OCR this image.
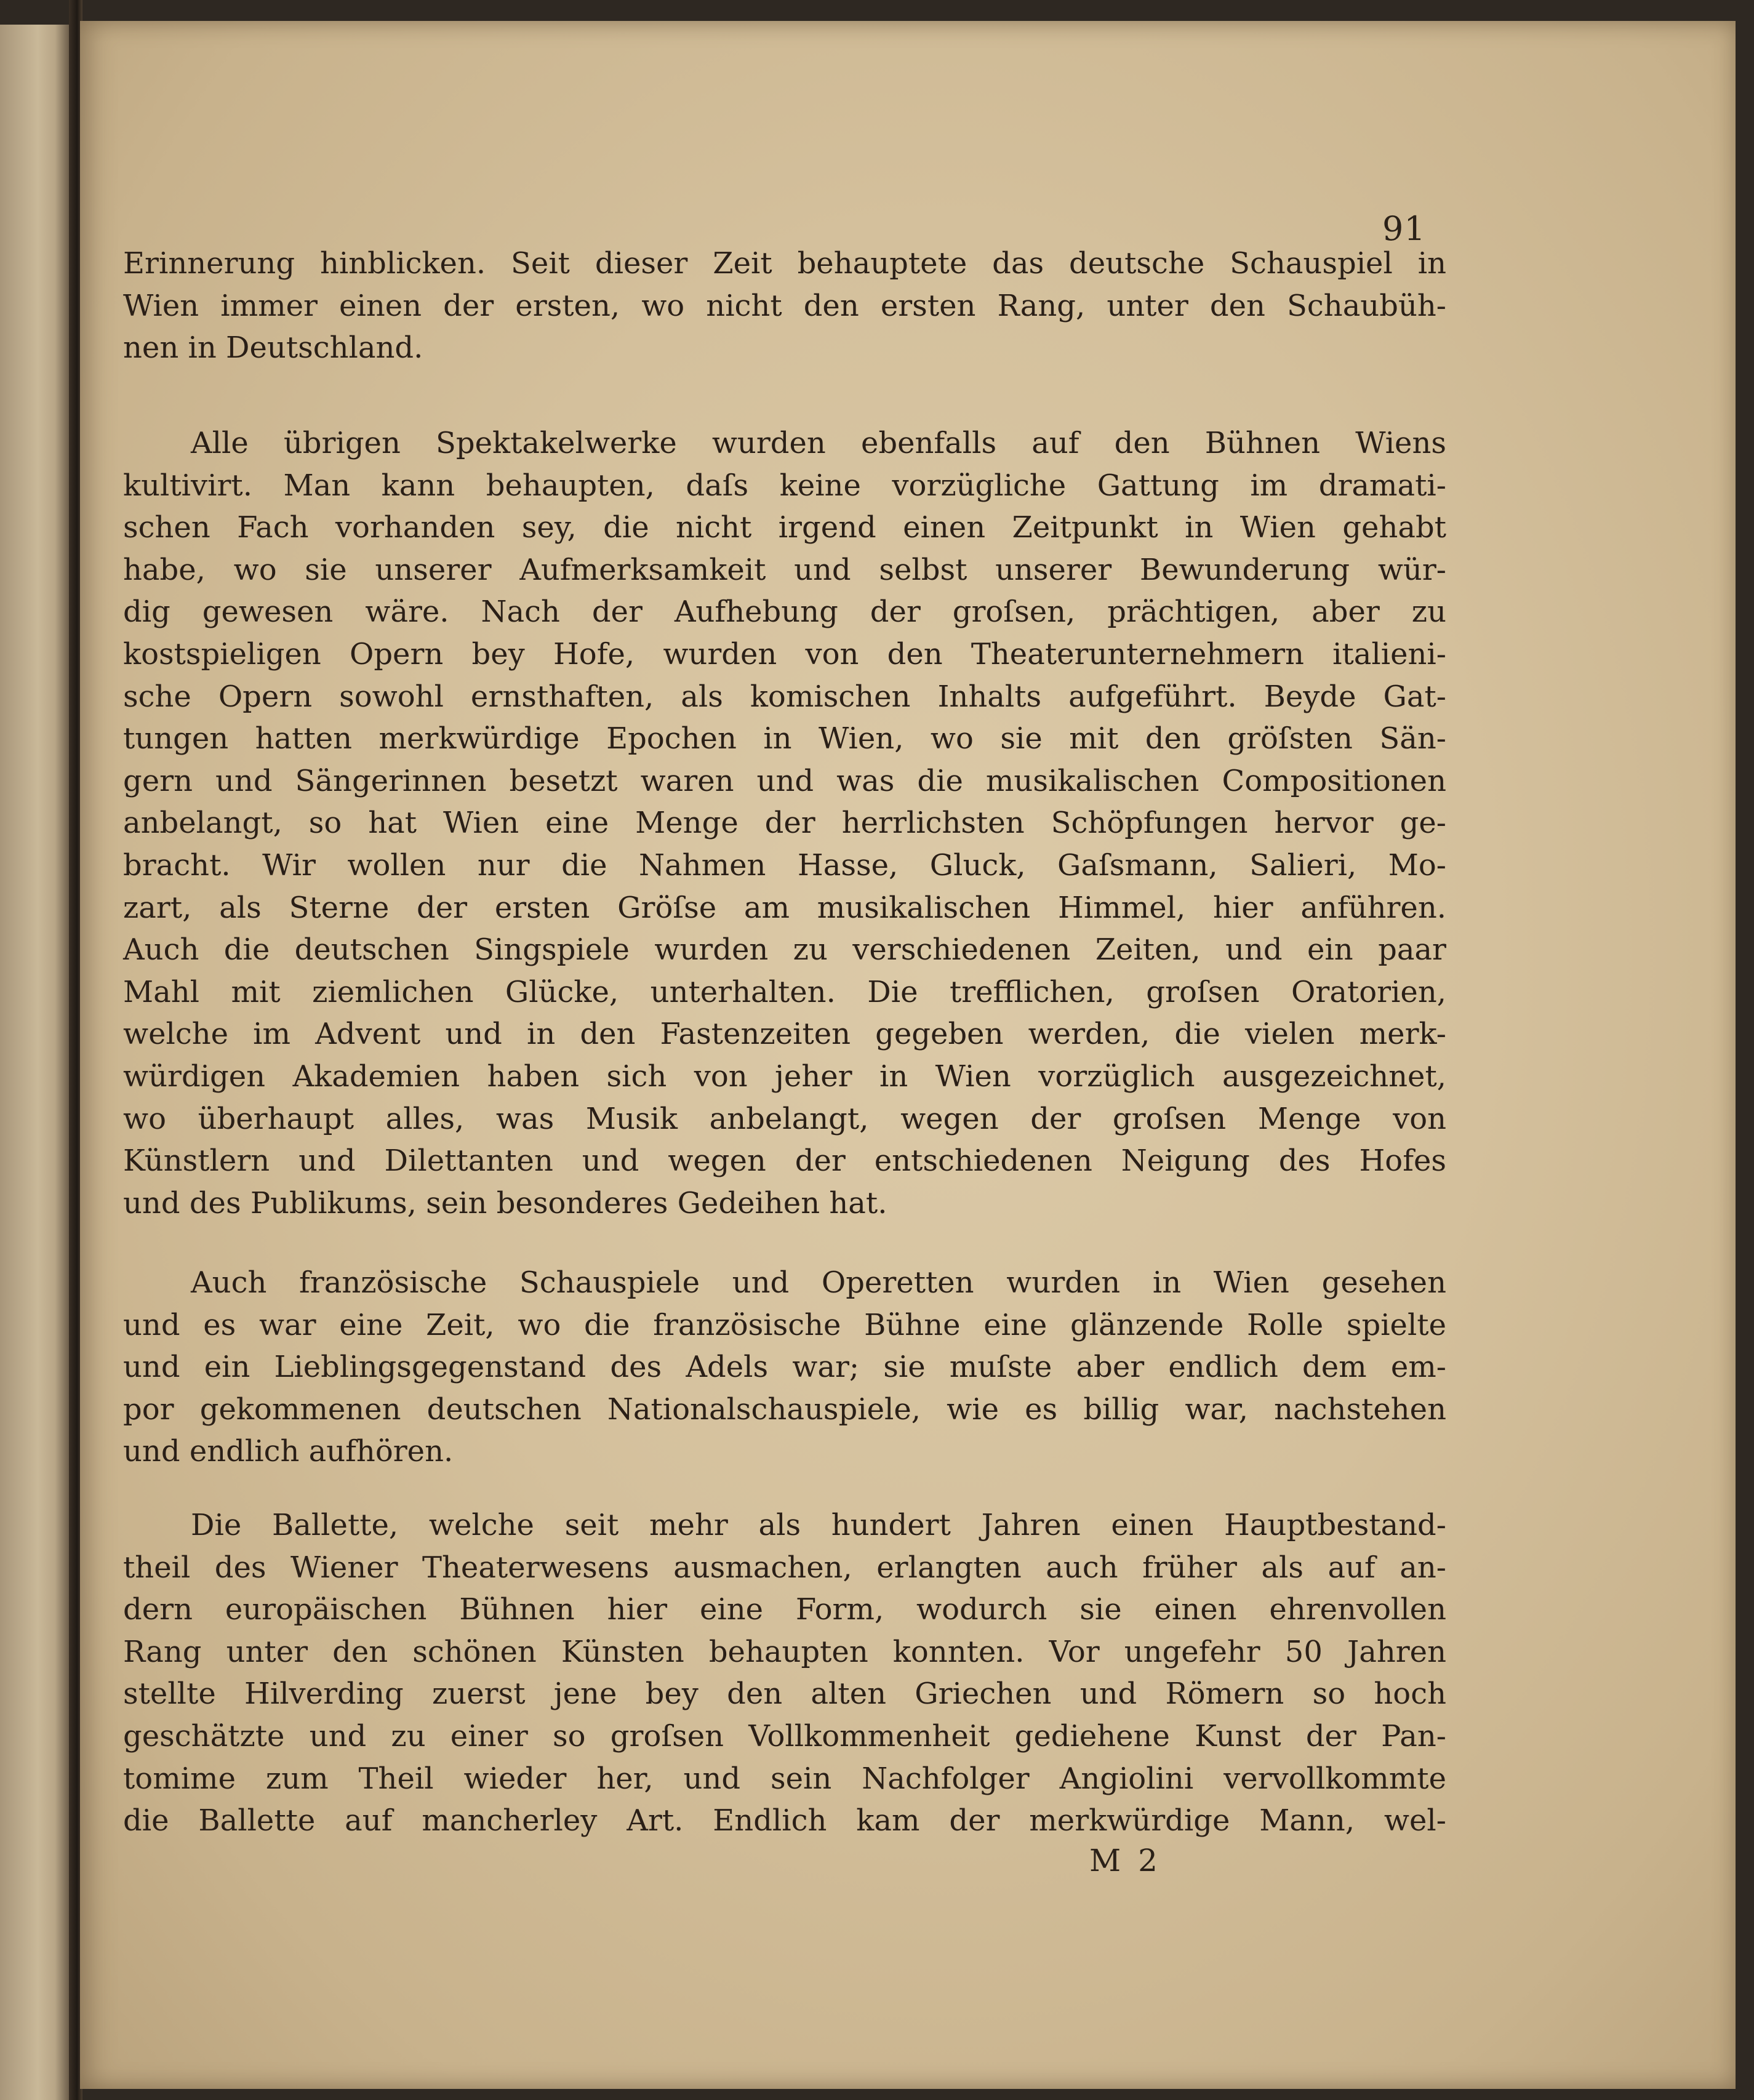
91
Erinnerung hinblicken. Seit dieser Zeit behauptete das deutsche Schauspiel in
Wien immer einen der ersten, wo nicht den ersten Rang, unter den Schaubüh-
nen in Deutschland.
Alle übrigen Spektakelwerke wurden ebenfalls auf den Bühnen Wiens
kultivirt. Man kann behaupten, daſs keine vorzügliche Gattung im dramati-
schen Fach vorhanden sey, die nicht irgend einen Zeitpunkt in Wien gehabt
habe, wo sie unserer Aufmerksamkeit und selbst unserer Bewunderung wür-
dig gewesen wäre. Nach der Aufhebung der groſsen, prächtigen, aber zu
kostspieligen Opern bey Hofe, wurden von den Theaterunternehmern italieni-
sche Opern sowohl ernsthaften, als komischen Inhalts aufgeführt. Beyde Gat-
tungen hatten merkwürdige Epochen in Wien, wo sie mit den gröſsten Sän-
gern und Sängerinnen besetzt waren und was die musikalischen Compositionen
anbelangt, so hat Wien eine Menge der herrlichsten Schöpfungen hervor ge-
bracht. Wir wollen nur die Nahmen Hasse, Gluck, Gaſsmann, Salieri, Mo-
zart, als Sterne der ersten Gröſse am musikalischen Himmel, hier anführen.
Auch die deutschen Singspiele wurden zu verschiedenen Zeiten, und ein paar
Mahl mit ziemlichen Glücke, unterhalten. Die trefflichen, groſsen Oratorien,
welche im Advent und in den Fastenzeiten gegeben werden, die vielen merk-
würdigen Akademien haben sich von jeher in Wien vorzüglich ausgezeichnet,
wo überhaupt alles, was Musik anbelangt, wegen der groſsen Menge von
Künstlern und Dilettanten und wegen der entschiedenen Neigung des Hofes
und des Publikums, sein besonderes Gedeihen hat.
Auch französische Schauspiele und Operetten wurden in Wien gesehen
und es war eine Zeit, wo die französische Bühne eine glänzende Rolle spielte
und ein Lieblingsgegenstand des Adels war; sie muſste aber endlich dem em-
por gekommenen deutschen Nationalschauspiele, wie es billig war, nachstehen
und endlich aufhören.
Die Ballette, welche seit mehr als hundert Jahren einen Hauptbestand-
theil des Wiener Theaterwesens ausmachen, erlangten auch früher als auf an-
dern europäischen Bühnen hier eine Form, wodurch sie einen ehrenvollen
Rang unter den schönen Künsten behaupten konnten. Vor ungefehr 50 Jahren
stellte Hilverding zuerst jene bey den alten Griechen und Römern so hoch
geschätzte und zu einer so groſsen Vollkommenheit gediehene Kunst der Pan-
tomime zum Theil wieder her, und sein Nachfolger Angiolini vervollkommte
die Ballette auf mancherley Art. Endlich kam der merkwürdige Mann, wel-
M 2
